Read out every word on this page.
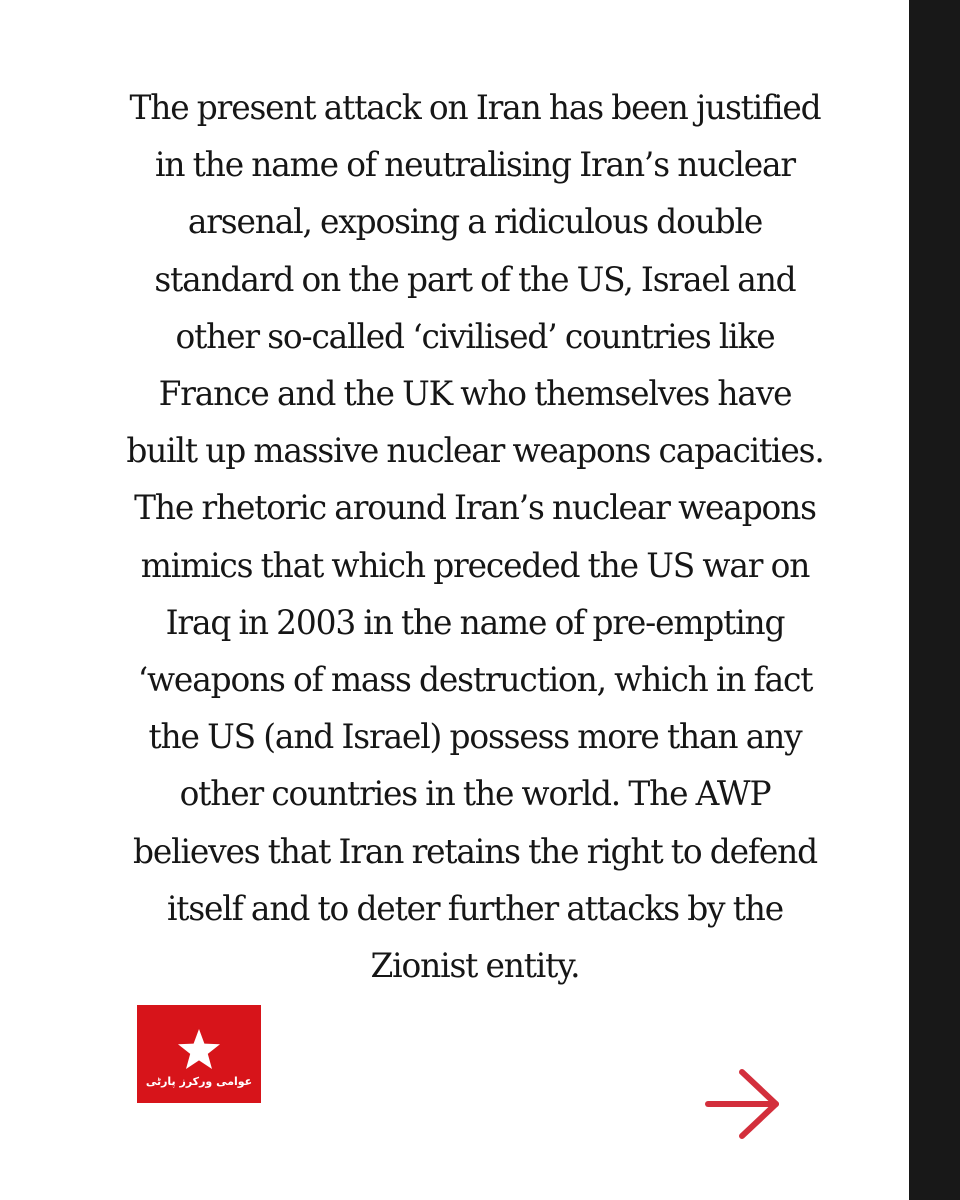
The present attack on Iran has been justified
in the name of neutralising Iran’s nuclear
arsenal, exposing a ridiculous double
standard on the part of the US, Israel and
other so-called ‘civilised’ countries like
France and the UK who themselves have
built up massive nuclear weapons capacities.
The rhetoric around Iran’s nuclear weapons
mimics that which preceded the US war on
Iraq in 2003 in the name of pre-empting
‘weapons of mass destruction, which in fact
the US (and Israel) possess more than any
other countries in the world. The AWP
believes that Iran retains the right to defend
itself and to deter further attacks by the
Zionist entity.

عوامی ورکرز پارٹی
